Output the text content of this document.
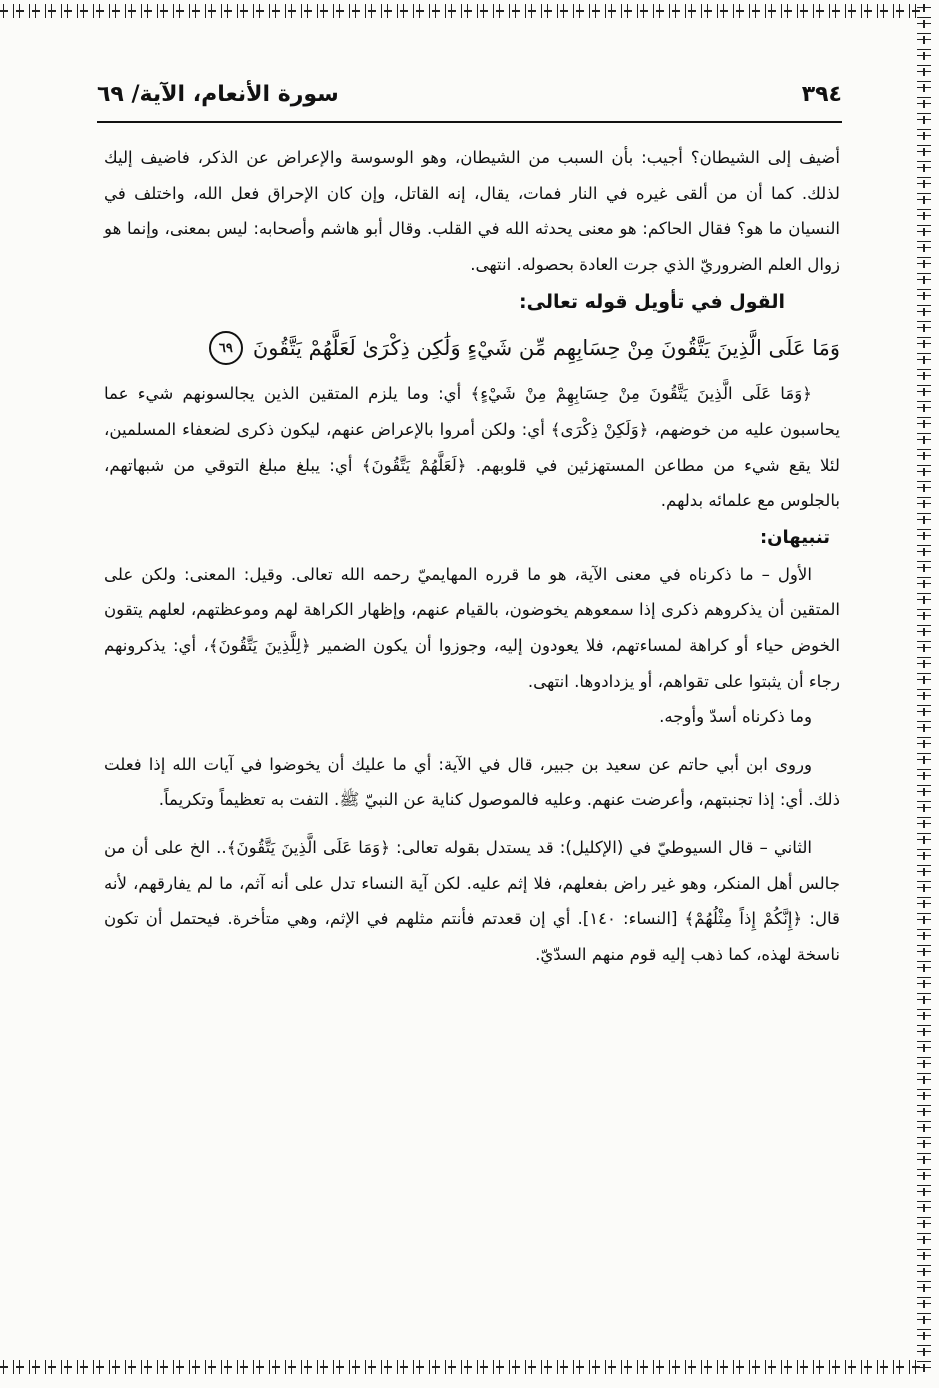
٣٩٤
سورة الأنعام، الآية/ ٦٩

أضيف إلى الشيطان؟ أجيب: بأن السبب من الشيطان، وهو الوسوسة والإعراض عن الذكر، فاضيف إليك لذلك. كما أن من ألقى غيره في النار فمات، يقال، إنه القاتل، وإن كان الإحراق فعل الله، واختلف في النسيان ما هو؟ فقال الحاكم: هو معنى يحدثه الله في القلب. وقال أبو هاشم وأصحابه: ليس بمعنى، وإنما هو زوال العلم الضروريّ الذي جرت العادة بحصوله. انتهى.

القول في تأويل قوله تعالى:

وَمَا عَلَى الَّذِينَ يَتَّقُونَ مِنْ حِسَابِهِم مِّن شَيْءٍ وَلَٰكِن ذِكْرَىٰ لَعَلَّهُمْ يَتَّقُونَ
٦٩

﴿وَمَا عَلَى الَّذِينَ يَتَّقُونَ مِنْ حِسَابِهِمْ مِنْ شَيْءٍ﴾ أي: وما يلزم المتقين الذين يجالسونهم شيء عما يحاسبون عليه من خوضهم، ﴿وَلَكِنْ ذِكْرَى﴾ أي: ولكن أمروا بالإعراض عنهم، ليكون ذكرى لضعفاء المسلمين، لئلا يقع شيء من مطاعن المستهزئين في قلوبهم. ﴿لَعَلَّهُمْ يَتَّقُونَ﴾ أي: يبلغ مبلغ التوقي من شبهاتهم، بالجلوس مع علمائه بدلهم.

تنبيهان:

الأول – ما ذكرناه في معنى الآية، هو ما قرره المهايميّ رحمه الله تعالى. وقيل: المعنى: ولكن على المتقين أن يذكروهم ذكرى إذا سمعوهم يخوضون، بالقيام عنهم، وإظهار الكراهة لهم وموعظتهم، لعلهم يتقون الخوض حياء أو كراهة لمساءتهم، فلا يعودون إليه، وجوزوا أن يكون الضمير ﴿لِلَّذِينَ يَتَّقُونَ﴾، أي: يذكرونهم رجاء أن يثبتوا على تقواهم، أو يزدادوها. انتهى.

وما ذكرناه أسدّ وأوجه.

وروى ابن أبي حاتم عن سعيد بن جبير، قال في الآية: أي ما عليك أن يخوضوا في آيات الله إذا فعلت ذلك. أي: إذا تجنبتهم، وأعرضت عنهم. وعليه فالموصول كناية عن النبيّ ﷺ. التفت به تعظيماً وتكريماً.

الثاني – قال السيوطيّ في (الإكليل): قد يستدل بقوله تعالى: ﴿وَمَا عَلَى الَّذِينَ يَتَّقُونَ﴾.. الخ على أن من جالس أهل المنكر، وهو غير راض بفعلهم، فلا إثم عليه. لكن آية النساء تدل على أنه آثم، ما لم يفارقهم، لأنه قال: ﴿إِنَّكُمْ إِذاً مِثْلُهُمْ﴾ [النساء: ١٤٠]. أي إن قعدتم فأنتم مثلهم في الإثم، وهي متأخرة. فيحتمل أن تكون ناسخة لهذه، كما ذهب إليه قوم منهم السدّيّ.
